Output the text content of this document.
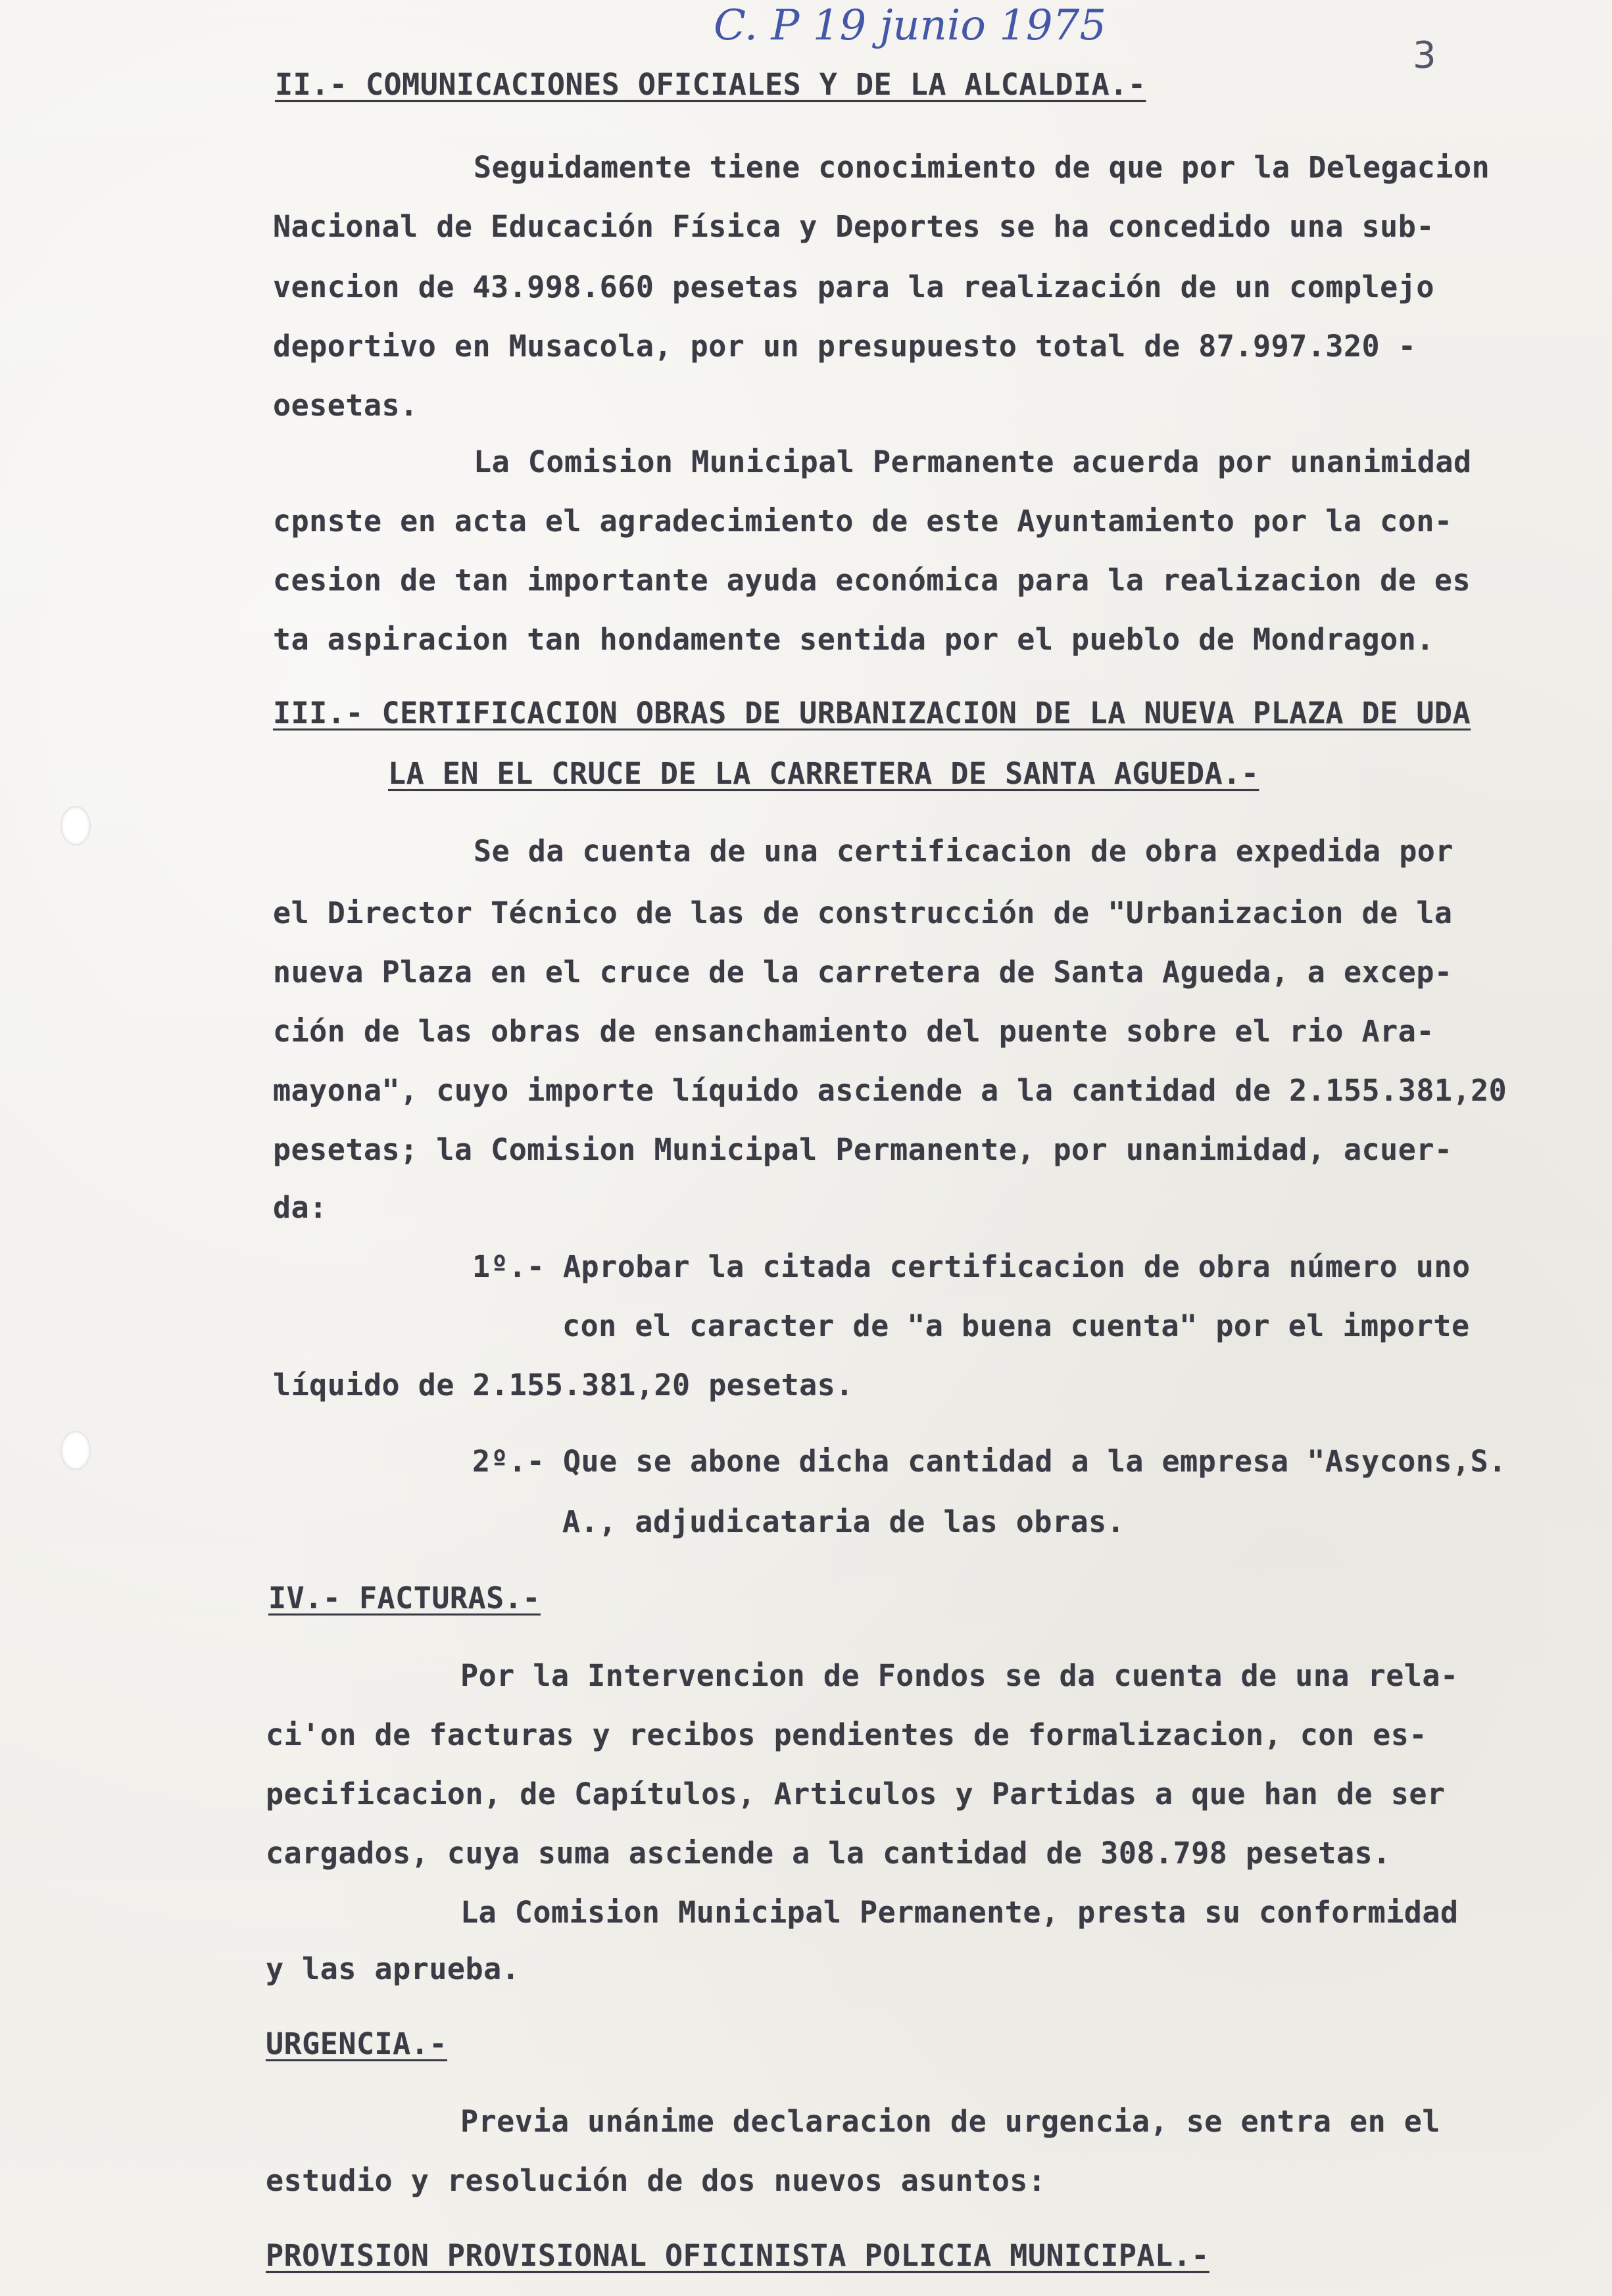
C. P 19 junio 1975
3
II.- COMUNICACIONES OFICIALES Y DE LA ALCALDIA.-
Seguidamente tiene conocimiento de que por la Delegacion
Nacional de Educación Física y Deportes se ha concedido una sub-
vencion de 43.998.660 pesetas para la realización de un complejo
deportivo en Musacola, por un presupuesto total de 87.997.320 -
oesetas.
La Comision Municipal Permanente acuerda por unanimidad
cpnste en acta el agradecimiento de este Ayuntamiento por la con-
cesion de tan importante ayuda económica para la realizacion de es
ta aspiracion tan hondamente sentida por el pueblo de Mondragon.
III.- CERTIFICACION OBRAS DE URBANIZACION DE LA NUEVA PLAZA DE UDA
LA EN EL CRUCE DE LA CARRETERA DE SANTA AGUEDA.-
Se da cuenta de una certificacion de obra expedida por
el Director Técnico de las de construcción de "Urbanizacion de la
nueva Plaza en el cruce de la carretera de Santa Agueda, a excep-
ción de las obras de ensanchamiento del puente sobre el rio Ara-
mayona", cuyo importe líquido asciende a la cantidad de 2.155.381,20
pesetas; la Comision Municipal Permanente, por unanimidad, acuer-
da:
1º.- Aprobar la citada certificacion de obra número uno
con el caracter de "a buena cuenta" por el importe
líquido de 2.155.381,20 pesetas.
2º.- Que se abone dicha cantidad a la empresa "Asycons,S.
A., adjudicataria de las obras.
IV.- FACTURAS.-
Por la Intervencion de Fondos se da cuenta de una rela-
ci'on de facturas y recibos pendientes de formalizacion, con es-
pecificacion, de Capítulos, Articulos y Partidas a que han de ser
cargados, cuya suma asciende a la cantidad de 308.798 pesetas.
La Comision Municipal Permanente, presta su conformidad
y las aprueba.
URGENCIA.-
Previa unánime declaracion de urgencia, se entra en el
estudio y resolución de dos nuevos asuntos:
PROVISION PROVISIONAL OFICINISTA POLICIA MUNICIPAL.-
